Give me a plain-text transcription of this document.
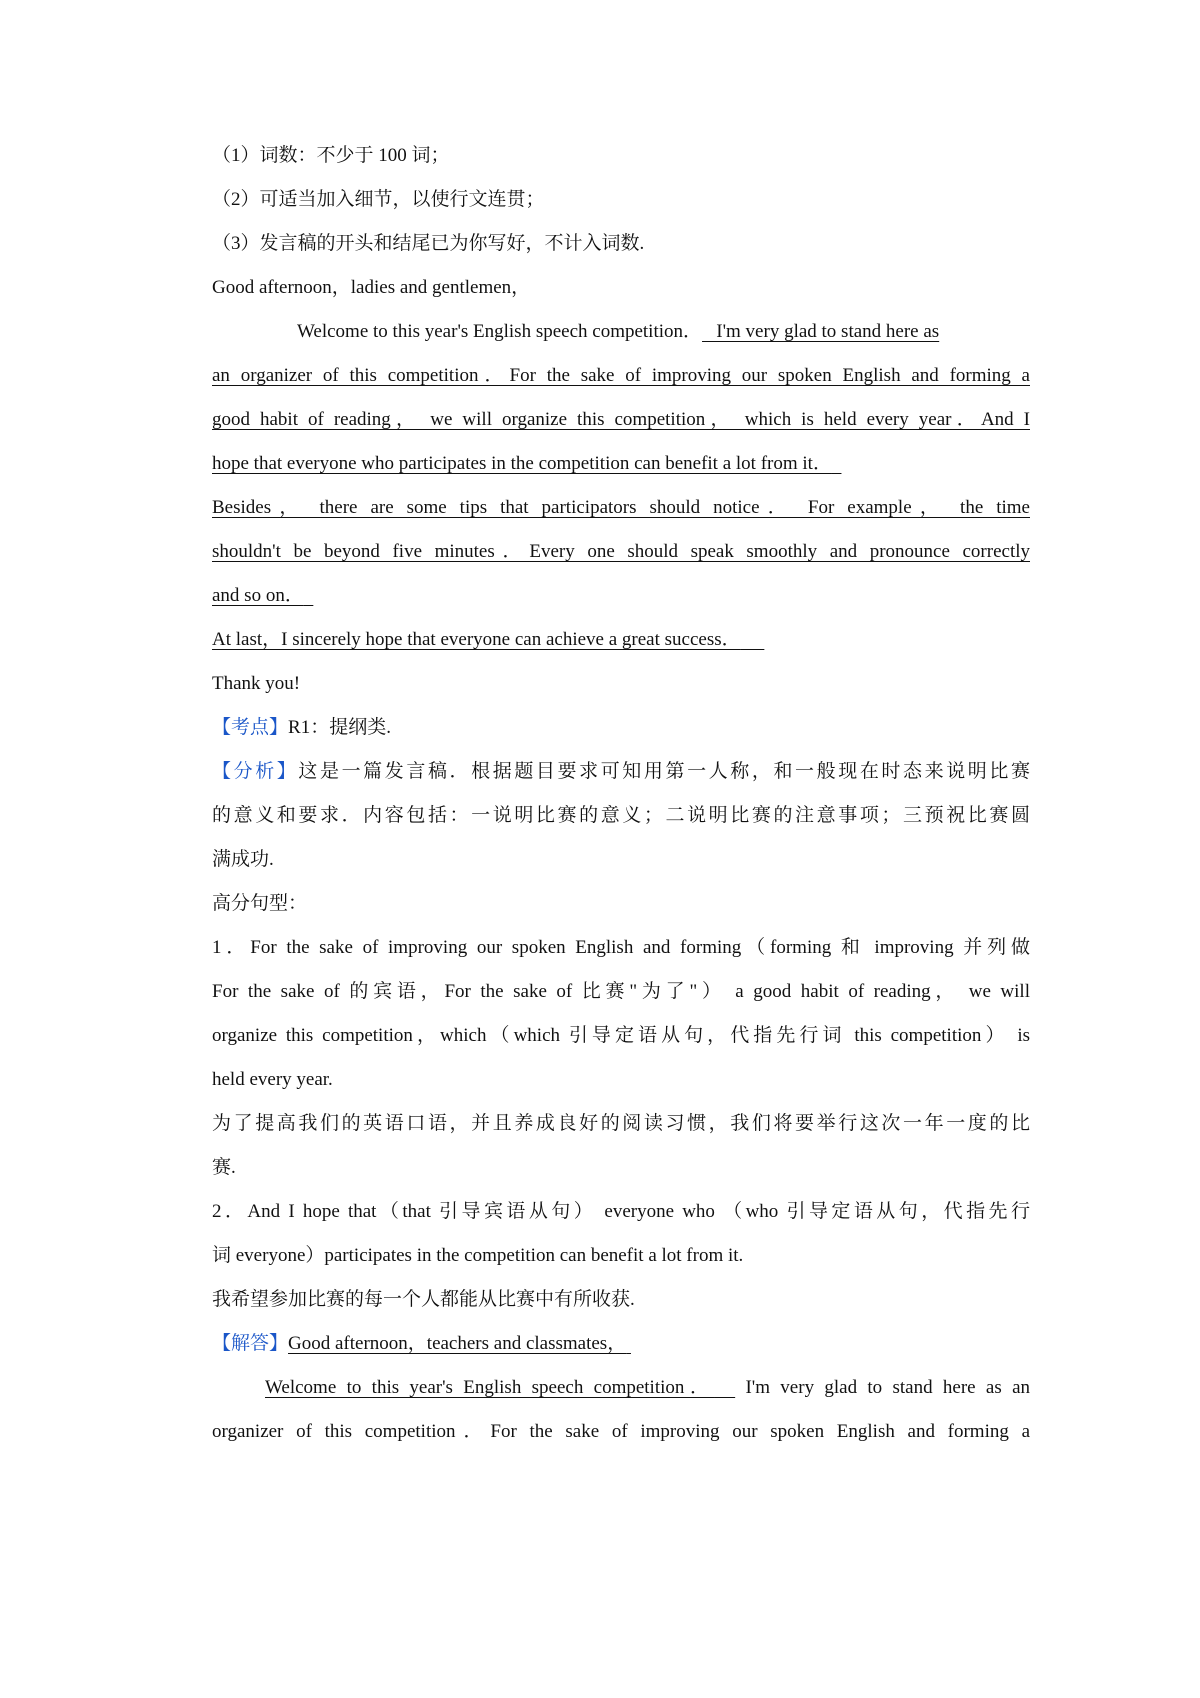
（1）词数：不少于 100 词；
（2）可适当加入细节，以使行文连贯；
（3）发言稿的开头和结尾已为你写好，不计入词数.
Good afternoon，ladies and gentlemen，
Welcome to this year's English speech competition．   I'm very glad to stand here as
an organizer of this competition．For the sake of improving our spoken English and forming a
good habit of reading， we will organize this competition， which is held every year．And I
hope that everyone who participates in the competition can benefit a lot from it．
Besides， there are some tips that participators should notice． For example， the time
shouldn't be beyond five minutes．Every one should speak smoothly and pronounce correctly
and so on．
At last，I sincerely hope that everyone can achieve a great success．
Thank you!
【考点】R1：提纲类.
【分析】这是一篇发言稿．根据题目要求可知用第一人称，和一般现在时态来说明比赛
的意义和要求．内容包括：一说明比赛的意义；二说明比赛的注意事项；三预祝比赛圆
满成功.
高分句型：
1．For the sake of improving our spoken English and forming（forming 和 improving 并列做
For the sake of 的宾语，For the sake of 比赛"为了"） a good habit of reading， we will
organize this competition，which（which 引导定语从句，代指先行词 this competition） is
held every year.
为了提高我们的英语口语，并且养成良好的阅读习惯，我们将要举行这次一年一度的比
赛.
2．And I hope that（that 引导宾语从句） everyone who （who 引导定语从句，代指先行
词 everyone）participates in the competition can benefit a lot from it.
我希望参加比赛的每一个人都能从比赛中有所收获.
【解答】Good afternoon，teachers and classmates，
Welcome to this year's English speech competition． I'm very glad to stand here as an
organizer of this competition．For the sake of improving our spoken English and forming a
